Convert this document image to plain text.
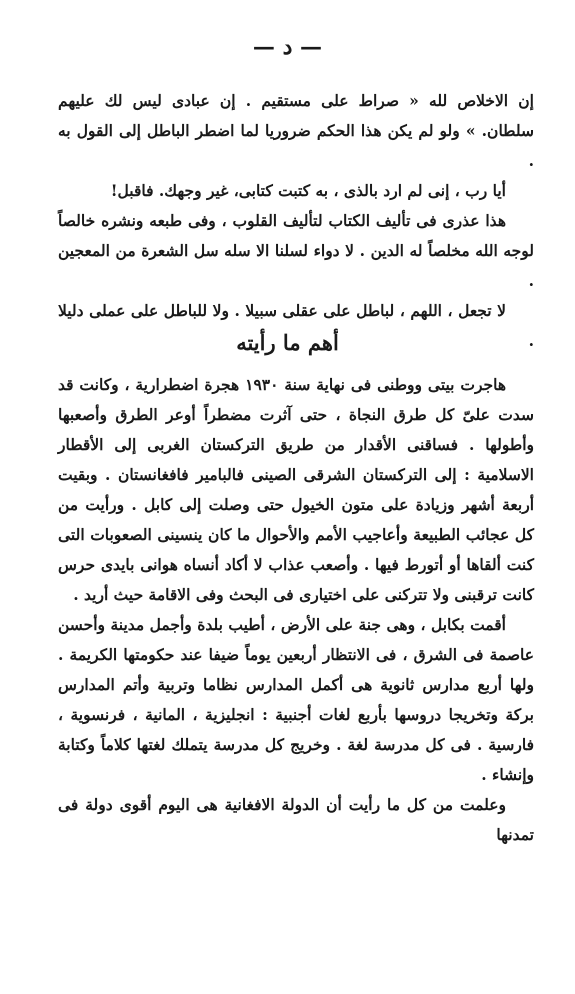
— د —

إن الاخلاص لله « صراط على مستقيم . إن عبادى ليس لك عليهم سلطان. » ولو لم يكن هذا الحكم ضروريا لما اضطر الباطل إلى القول به .

أيا رب ، إنى لم ارد بالذى ، به كتبت كتابى، غير وجهك. فاقبل!

هذا عذرى فى تأليف الكتاب لتأليف القلوب ، وفى طبعه ونشره خالصاً لوجه الله مخلصاً له الدين . لا دواء لسلنا الا سله سل الشعرة من المعجين .

لا تجعل ، اللهم ، لباطل على عقلى سبيلا . ولا للباطل على عملى دليلا .

أهم ما رأيته

هاجرت بيتى ووطنى فى نهاية سنة ١٩٣٠ هجرة اضطرارية ، وكانت قد سدت علىّ كل طرق النجاة ، حتى آثرت مضطراً أوعر الطرق وأصعبها وأطولها . فساقنى الأقدار من طريق التركستان الغربى إلى الأقطار الاسلامية : إلى التركستان الشرقى الصينى فالبامير فافغانستان . وبقيت أربعة أشهر وزيادة على متون الخيول حتى وصلت إلى كابل . ورأيت من كل عجائب الطبيعة وأعاجيب الأمم والأحوال ما كان ينسينى الصعوبات التى كنت ألقاها أو أتورط فيها . وأصعب عذاب لا أكاد أنساه هوانى بايدى حرس كانت ترقبنى ولا تتركنى على اختيارى فى البحث وفى الاقامة حيث أريد .

أقمت بكابل ، وهى جنة على الأرض ، أطيب بلدة وأجمل مدينة وأحسن عاصمة فى الشرق ، فى الانتظار أربعين يوماً ضيفا عند حكومتها الكريمة . ولها أربع مدارس ثانوية هى أكمل المدارس نظاما وتربية وأتم المدارس بركة وتخريجا دروسها بأربع لغات أجنبية : انجليزية ، المانية ، فرنسوية ، فارسية . فى كل مدرسة لغة . وخريج كل مدرسة يتملك لغتها كلاماً وكتابة وإنشاء .

وعلمت من كل ما رأيت أن الدولة الافغانية هى اليوم أقوى دولة فى تمدنها
